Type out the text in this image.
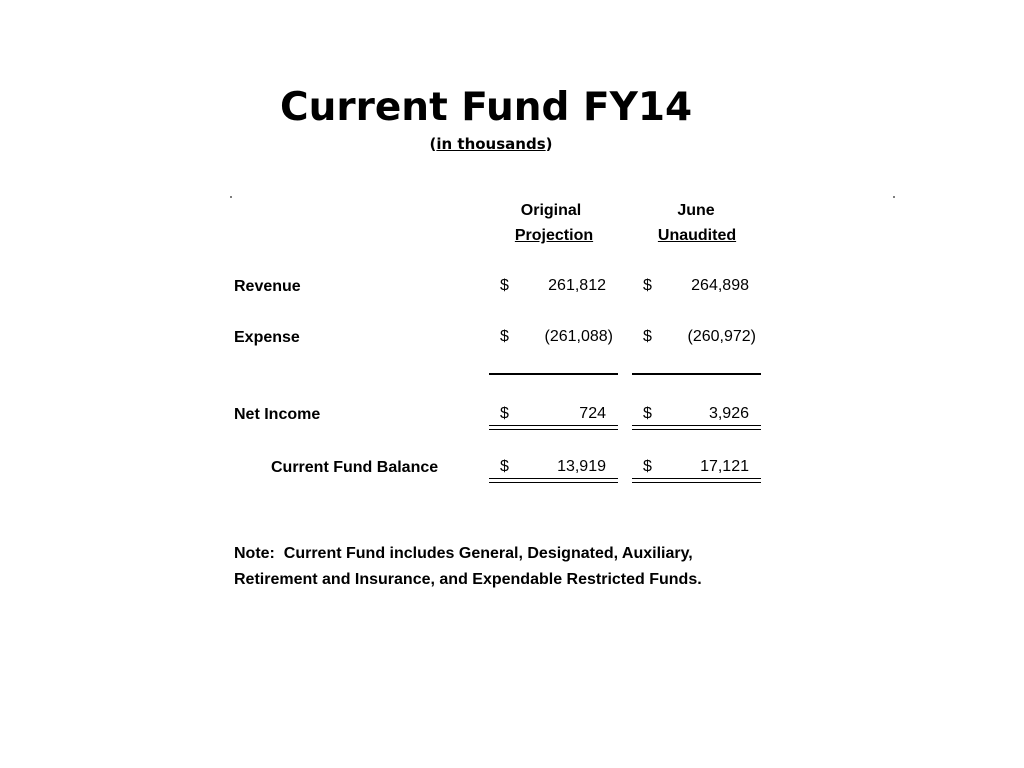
Current Fund FY14
(in thousands)
Original
Projection
June
Unaudited
Revenue	$	261,812 $	264,898
Expense	$	(261,088) $	(260,972)
Net Income	$	724 $	3,926
Current Fund Balance	$	13,919 $	17,121
Note:  Current Fund includes General, Designated, Auxiliary,
Retirement and Insurance, and Expendable Restricted Funds.
